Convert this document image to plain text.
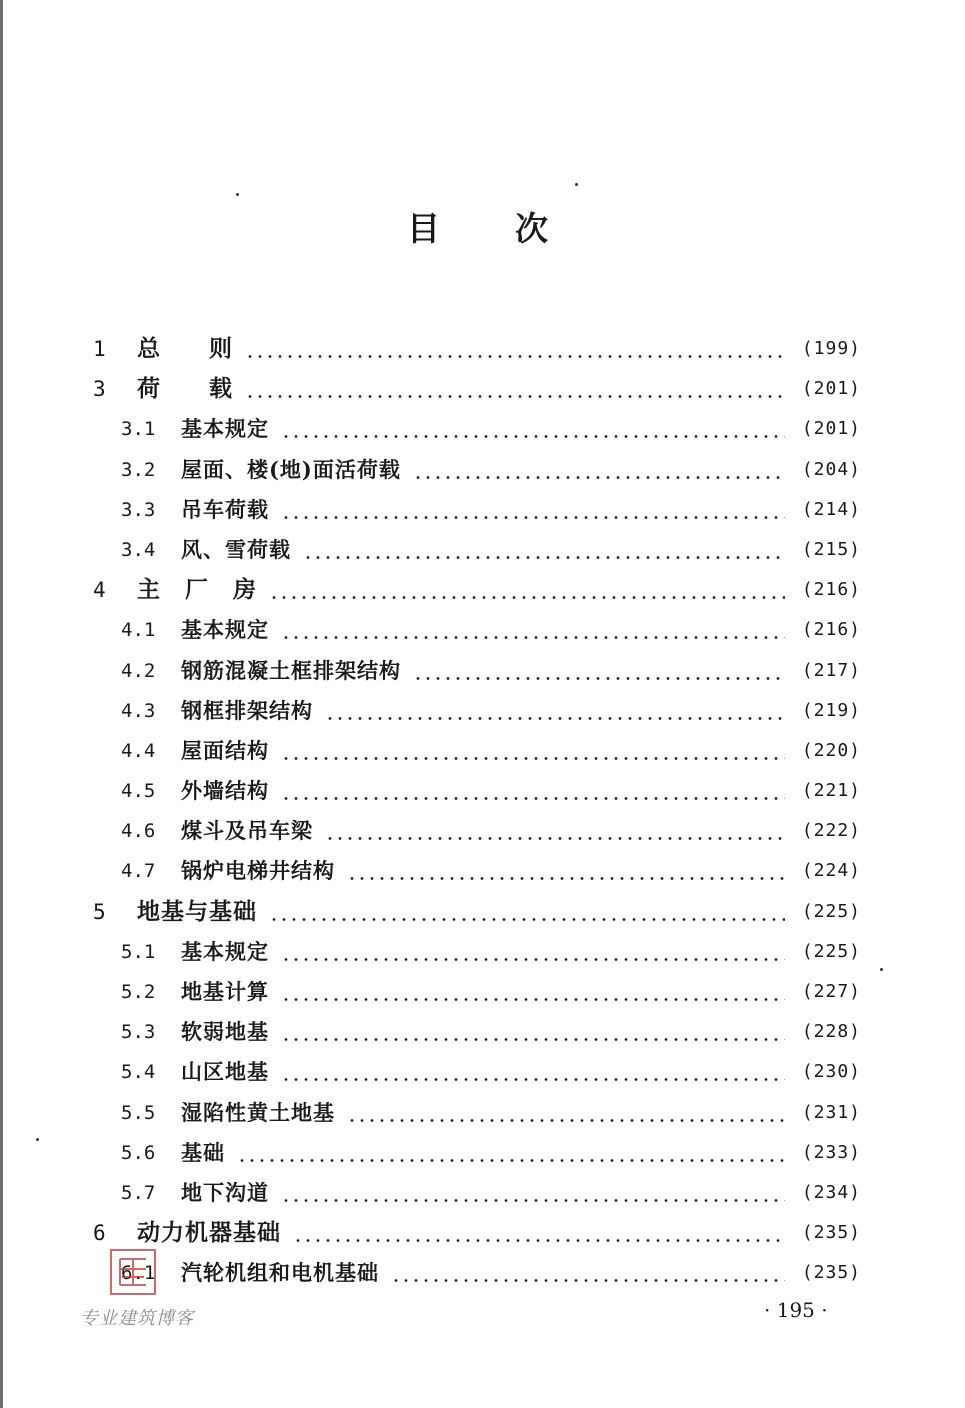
目 次
1 总　　则	(199)
3 荷　　载	(201)
3.1 基本规定	(201)
3.2 屋面、楼(地)面活荷载	(204)
3.3 吊车荷载	(214)
3.4 风、雪荷载	(215)
4 主　厂　房	(216)
4.1 基本规定	(216)
4.2 钢筋混凝土框排架结构	(217)
4.3 钢框排架结构	(219)
4.4 屋面结构	(220)
4.5 外墙结构	(221)
4.6 煤斗及吊车梁	(222)
4.7 锅炉电梯井结构	(224)
5 地基与基础	(225)
5.1 基本规定	(225)
5.2 地基计算	(227)
5.3 软弱地基	(228)
5.4 山区地基	(230)
5.5 湿陷性黄土地基	(231)
5.6 基础	(233)
5.7 地下沟道	(234)
6 动力机器基础	(235)
6.1 汽轮机组和电机基础	(235)
专业建筑博客	· 195 ·
